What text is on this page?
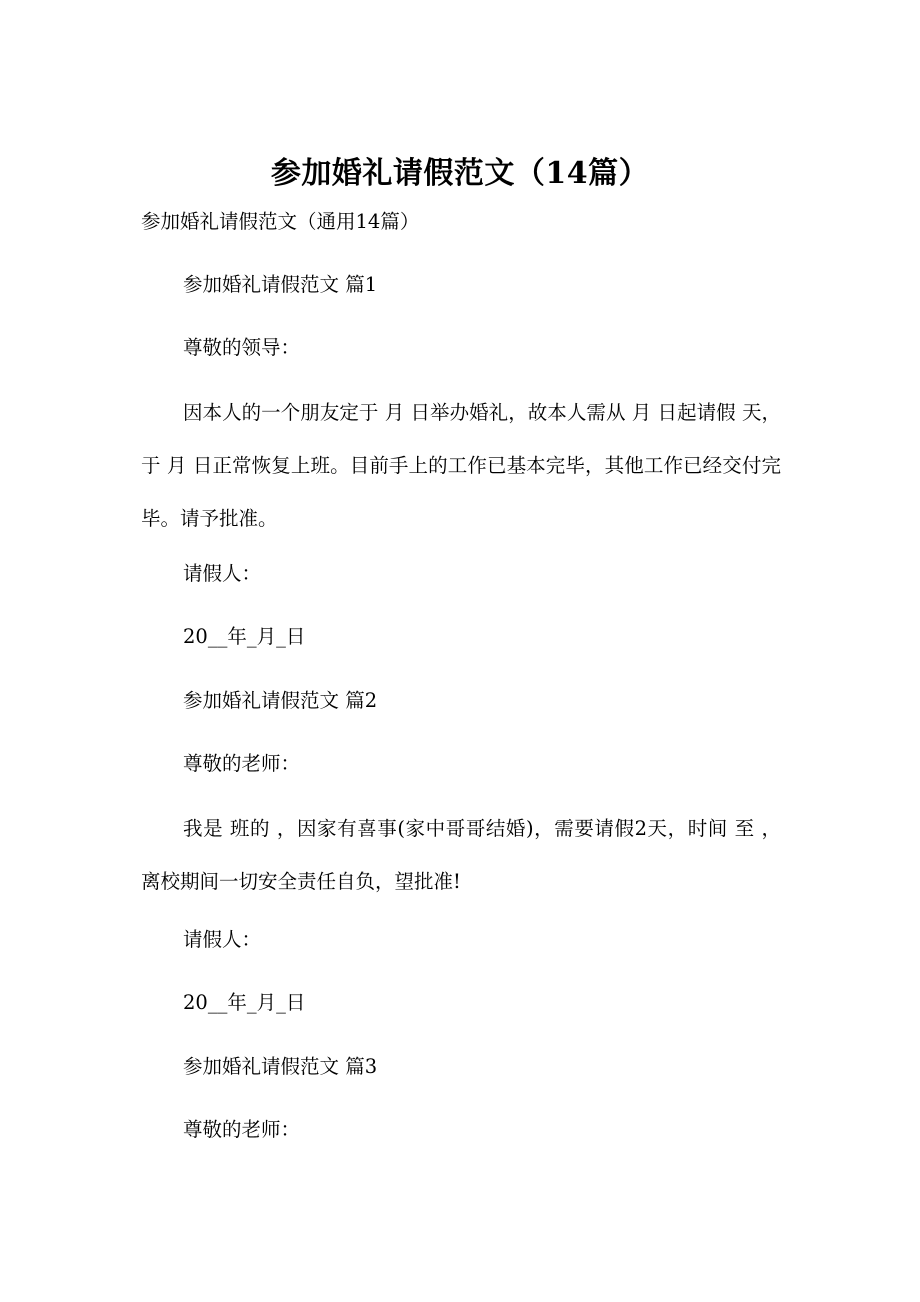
参加婚礼请假范文（14篇）
参加婚礼请假范文（通用14篇）
参加婚礼请假范文 篇1
尊敬的领导：
因本人的一个朋友定于 月 日举办婚礼，故本人需从 月 日起请假 天，于 月 日正常恢复上班。目前手上的工作已基本完毕，其他工作已经交付完毕。请予批准。
请假人：
20__年_月_日
参加婚礼请假范文 篇2
尊敬的老师：
我是 班的 ，因家有喜事(家中哥哥结婚)，需要请假2天，时间 至 ，离校期间一切安全责任自负，望批准!
请假人：
20__年_月_日
参加婚礼请假范文 篇3
尊敬的老师：
